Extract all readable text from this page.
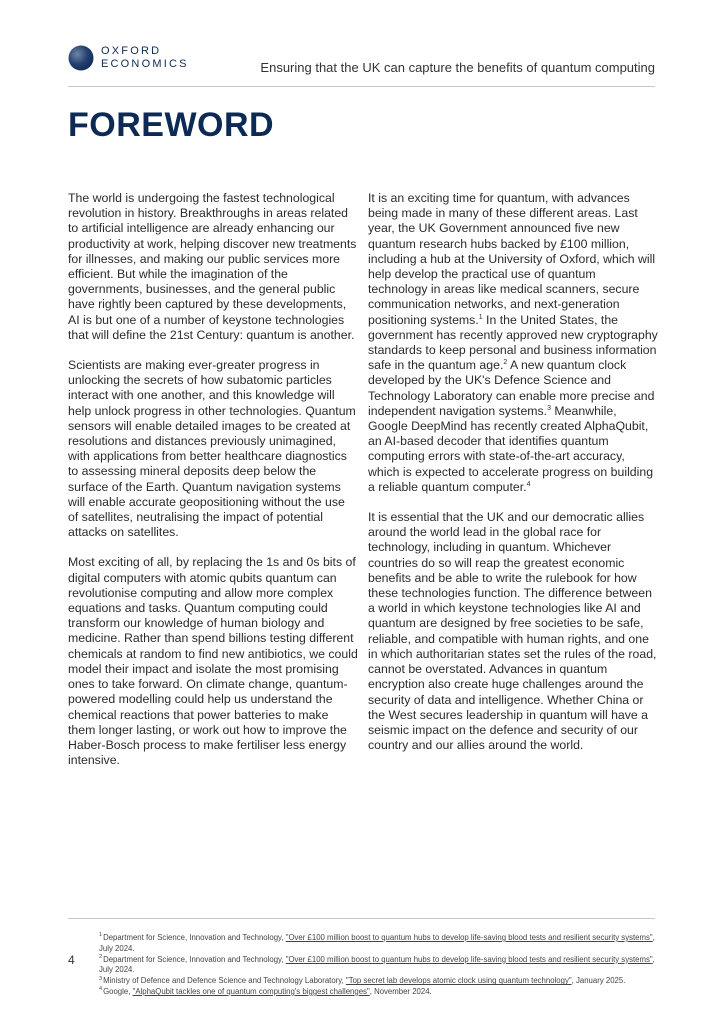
OXFORD
ECONOMICS	Ensuring that the UK can capture the benefits of quantum computing
FOREWORD

The world is undergoing the fastest technological revolution in history. Breakthroughs in areas related to artificial intelligence are already enhancing our productivity at work, helping discover new treatments for illnesses, and making our public services more efficient. But while the imagination of the governments, businesses, and the general public have rightly been captured by these developments, AI is but one of a number of keystone technologies that will define the 21st Century: quantum is another.

Scientists are making ever-greater progress in unlocking the secrets of how subatomic particles interact with one another, and this knowledge will help unlock progress in other technologies. Quantum sensors will enable detailed images to be created at resolutions and distances previously unimagined, with applications from better healthcare diagnostics to assessing mineral deposits deep below the surface of the Earth. Quantum navigation systems will enable accurate geopositioning without the use of satellites, neutralising the impact of potential attacks on satellites.

Most exciting of all, by replacing the 1s and 0s bits of digital computers with atomic qubits quantum can revolutionise computing and allow more complex equations and tasks. Quantum computing could transform our knowledge of human biology and medicine. Rather than spend billions testing different chemicals at random to find new antibiotics, we could model their impact and isolate the most promising ones to take forward. On climate change, quantum-powered modelling could help us understand the chemical reactions that power batteries to make them longer lasting, or work out how to improve the Haber-Bosch process to make fertiliser less energy intensive.

It is an exciting time for quantum, with advances being made in many of these different areas. Last year, the UK Government announced five new quantum research hubs backed by £100 million, including a hub at the University of Oxford, which will help develop the practical use of quantum technology in areas like medical scanners, secure communication networks, and next-generation positioning systems.$^1$ In the United States, the government has recently approved new cryptography standards to keep personal and business information safe in the quantum age.$^2$ A new quantum clock developed by the UK's Defence Science and Technology Laboratory can enable more precise and independent navigation systems.$^3$ Meanwhile, Google DeepMind has recently created AlphaQubit, an AI-based decoder that identifies quantum computing errors with state-of-the-art accuracy, which is expected to accelerate progress on building a reliable quantum computer.$^4$

It is essential that the UK and our democratic allies around the world lead in the global race for technology, including in quantum. Whichever countries do so will reap the greatest economic benefits and be able to write the rulebook for how these technologies function. The difference between a world in which keystone technologies like AI and quantum are designed by free societies to be safe, reliable, and compatible with human rights, and one in which authoritarian states set the rules of the road, cannot be overstated. Advances in quantum encryption also create huge challenges around the security of data and intelligence. Whether China or the West secures leadership in quantum will have a seismic impact on the defence and security of our country and our allies around the world.

4

$^1$Department for Science, Innovation and Technology, "Over £100 million boost to quantum hubs to develop life-saving blood tests and resilient security systems", July 2024.

$^2$Department for Science, Innovation and Technology, "Over £100 million boost to quantum hubs to develop life-saving blood tests and resilient security systems", July 2024.

$^3$Ministry of Defence and Defence Science and Technology Laboratory, "Top secret lab develops atomic clock using quantum technology", January 2025.

$^4$Google, "AlphaQubit tackles one of quantum computing's biggest challenges", November 2024.
